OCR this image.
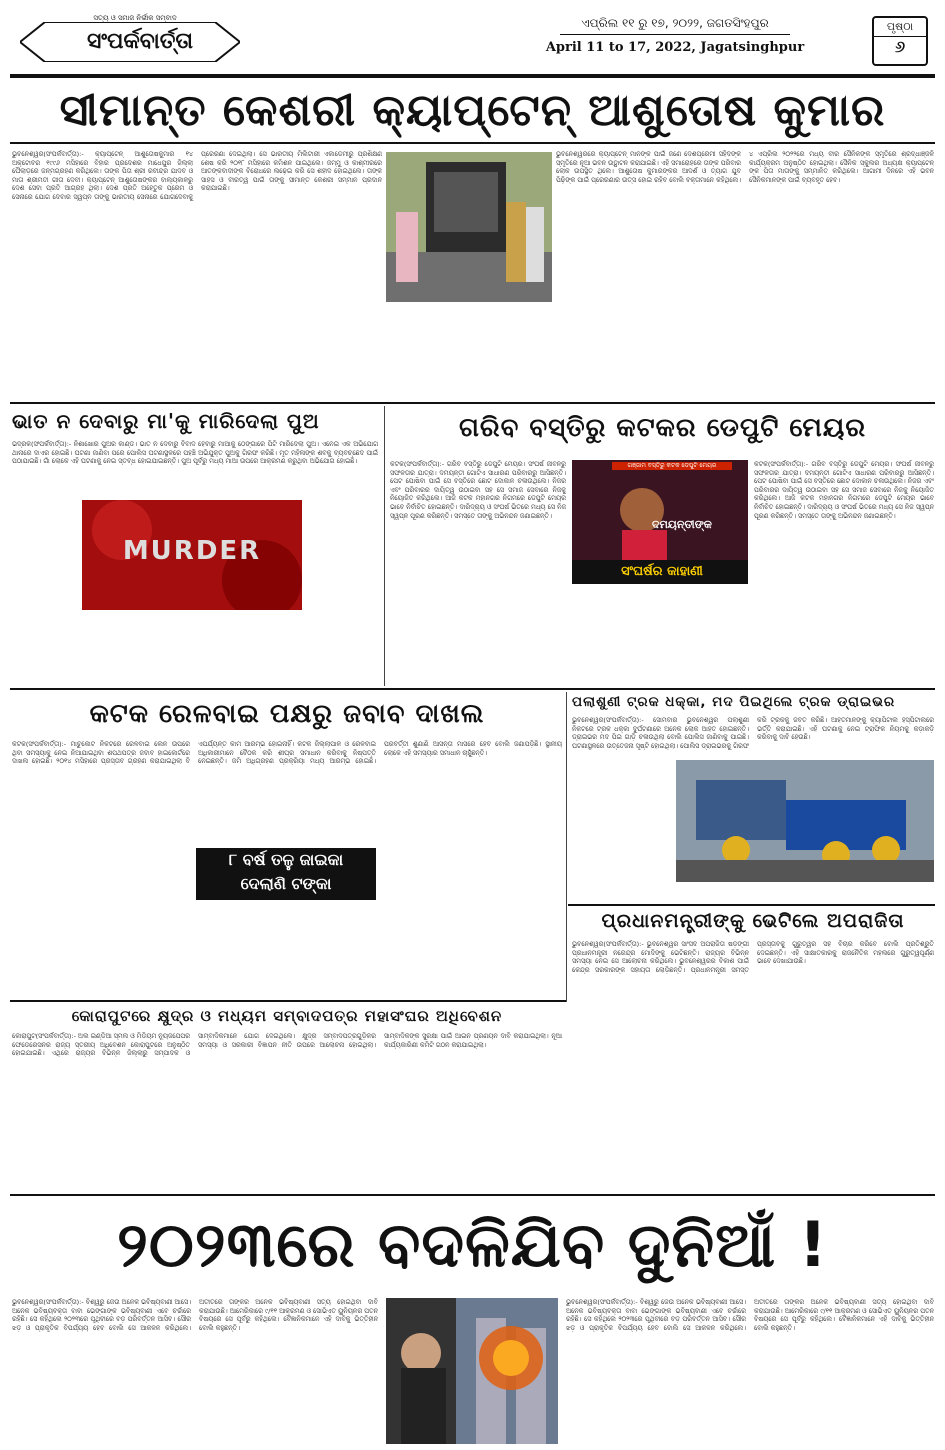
ସତ୍ୟ ଓ ସମାଜ ନିର୍ଭୀକ ସମ୍ବାଦ
ସଂପର୍କବାର୍ତ୍ତା
ଏପ୍ରିଲ ୧୧ ରୁ ୧୭, ୨୦୨୨, ଜଗତସିଂହପୁର
April 11 to 17, 2022, Jagatsinghpur
ପୃଷ୍ଠା
୬
ସୀମାନ୍ତ କେଶରୀ କ୍ୟାପ୍ଟେନ୍ ଆଶୁତୋଷ କୁମାର
ଭୁବନେଶ୍ୱର(ସଂପର୍କବାର୍ତ୍ତା):- କ୍ୟାପ୍ଟେନ୍ ଆଶୁତୋଷକୁମାର ୧୪ ଅକ୍ଟୋବର ୧୯୯୬ ମସିହାରେ ବିହାର ପ୍ରଦେଶର ମାଧେପୁର ଜିଲ୍ଲା ଘୈଲାଡ଼ରେ ଜନ୍ମଗ୍ରହଣ କରିଥିଲେ। ତାଙ୍କ ପିତା ଶ୍ରୀ ରବୀନ୍ଦ୍ର ଯାଦବ ଓ ମାତା ଶ୍ରୀମତୀ ଗୀତା ଦେବୀ। କ୍ୟାପ୍ଟେନ୍ ଆଶୁତୋଷଙ୍କର ବାଲ୍ୟକାଳରୁ ଦେଶ ସେବା ପ୍ରତି ଆଗ୍ରହ ଥିଲା। ଦେଶ ପ୍ରତି ଅହେତୁକ ପ୍ରେମ ଓ ସେନାରେ ଯୋଗ ଦେବାର ସ୍ୱପ୍ନ ତାଙ୍କୁ ଭାରତୀୟ ସେନାରେ ଯୋଗଦେବାକୁ ପ୍ରେରଣା ଦେଇଥିଲା। ସେ ଭାରତୀୟ ମିଲିଟାରୀ ଏକାଡେମୀରୁ ପ୍ରଶିକ୍ଷଣ ଶେଷ କରି ୨୦୧୮ ମସିହାରେ କମିଶନ ପାଇଥିଲେ। ଜମ୍ମୁ ଓ କାଶ୍ମୀରରେ ଆତଙ୍କବାଦୀଙ୍କ ବିରୋଧରେ ଲଢ଼େଇ କରି ସେ ଶହୀଦ ହୋଇଥିଲେ। ତାଙ୍କ ସାହସ ଓ ବୀରତ୍ୱ ପାଇଁ ତାଙ୍କୁ ସୀମାନ୍ତ କେଶରୀ ସମ୍ମାନ ପ୍ରଦାନ କରାଯାଇଛି।
ଭୁବନେଶ୍ୱରରେ କ୍ୟାପ୍ଟେନ୍ ମାନଙ୍କ ପାଇଁ ଜଣେ ଦେଶପ୍ରେମୀ ସହିଦଙ୍କ ସ୍ମୃତିରେ ନୂଆ ଭବନ ଉଦ୍ଘାଟନ କରାଯାଇଛି। ଏହି ସମାରୋହରେ ତାଙ୍କ ପରିବାର ଲୋକ ଉପସ୍ଥିତ ଥିଲେ। ଆଶୁତୋଷ କୁମାରଙ୍କର ଆଦର୍ଶ ଓ ତ୍ୟାଗ ଯୁବ ପିଢ଼ିଙ୍କ ପାଇଁ ପ୍ରେରଣାର ଉତ୍ସ ହୋଇ ରହିବ ବୋଲି ବକ୍ତାମାନେ କହିଥିଲେ। ୪ ଏପ୍ରିଲ ୨୦୨୨ରେ ମଧ୍ୟ ବୀର ସୈନିକଙ୍କ ସ୍ମୃତିରେ ଶ୍ରଦ୍ଧାଞ୍ଜଳି କାର୍ଯ୍ୟକ୍ରମ ଅନୁଷ୍ଠିତ ହୋଇଥିଲା। ସୈନିକ ସ୍କୁଲର ଅଧ୍ୟକ୍ଷ କ୍ୟାପ୍ଟେନ୍ ଙ୍କ ପିତା ମାତାଙ୍କୁ ସମ୍ମାନିତ କରିଥିଲେ। ଆଗାମୀ ଦିନରେ ଏହି ଭବନ ସୈନିକମାନଙ୍କ ପାଇଁ ବ୍ୟବହୃତ ହେବ।
ଭାତ ନ ଦେବାରୁ ମା'କୁ ମାରିଦେଲା ପୁଅ
ଭଦ୍ରକ(ସଂପର୍କବାର୍ତ୍ତା):- ନିଶାଖୋର ପୁଅର କାଣ୍ଡ। ଭାତ ନ ଦେବାରୁ ବିବାଦ ହେବାରୁ ମାଆକୁ ଠେଙ୍ଗାରେ ପିଟି ମାରିଦେଲା ପୁଅ। ଏନେଇ ଏକ ଅଭିଯୋଗ ଥାନାରେ ଦାଏର ହୋଇଛି। ଘଟଣା ଜାଣିବା ପରେ ପୋଲିସ ଘଟଣାସ୍ଥଳରେ ପହଞ୍ଚି ଅଭିଯୁକ୍ତ ପୁଅକୁ ଗିରଫ କରିଛି। ମୃତ ମହିଳାଙ୍କ ଶବକୁ ବ୍ୟବଚ୍ଛେଦ ପାଇଁ ପଠାଯାଇଛି। ଗାଁ ଲୋକେ ଏହି ଘଟଣାକୁ ନେଇ ସ୍ତବ୍ଧ ହୋଇଯାଇଛନ୍ତି। ପୁଅ ପୂର୍ବରୁ ମଧ୍ୟ ମାଆ ଉପରେ ଆକ୍ରମଣ କରୁଥିବା ଅଭିଯୋଗ ହୋଇଛି।
MURDER
ଗରିବ ବସ୍ତିରୁ କଟକର ଡେପୁଟି ମେୟର
କଟକ(ସଂପର୍କବାର୍ତ୍ତା):- ଗରିବ ବସ୍ତିରୁ ଡେପୁଟି ମେୟର। ସଂଘର୍ଷ ଜୀବନରୁ ସଫଳତାର ଯାତ୍ରା। ଦମୟନ୍ତୀ ଗୋଟିଏ ସାଧାରଣ ପରିବାରରୁ ଆସିଛନ୍ତି। ପେଟ ପୋଷିବା ପାଇଁ ସେ ବସ୍ତିରେ ଛୋଟ ଦୋକାନ ଚଳାଉଥିଲେ। ନିଜର ଏବଂ ପରିବାରର ଦାୟିତ୍ୱ ଉଠାଇବା ସହ ସେ ସମାଜ ସେବାରେ ନିଜକୁ ନିୟୋଜିତ କରିଥିଲେ। ଆଜି କଟକ ମହାନଗର ନିଗମରେ ଡେପୁଟି ମେୟର ଭାବେ ନିର୍ବାଚିତ ହୋଇଛନ୍ତି। ଦାରିଦ୍ର୍ୟ ଓ ସଂଘର୍ଷ ଭିତରେ ମଧ୍ୟ ସେ ନିଜ ସ୍ୱପ୍ନ ପୂରଣ କରିଛନ୍ତି। ସମସ୍ତେ ତାଙ୍କୁ ଅଭିନନ୍ଦନ ଜଣାଇଛନ୍ତି।
ଗଞ୍ଜାମ ବସ୍ତିରୁ କଟକ ଡେପୁଟି ମେୟର
ଦମୟନ୍ତୀଙ୍କ
ସଂଘର୍ଷର କାହାଣୀ
କଟକ(ସଂପର୍କବାର୍ତ୍ତା):- ଗରିବ ବସ୍ତିରୁ ଡେପୁଟି ମେୟର। ସଂଘର୍ଷ ଜୀବନରୁ ସଫଳତାର ଯାତ୍ରା। ଦମୟନ୍ତୀ ଗୋଟିଏ ସାଧାରଣ ପରିବାରରୁ ଆସିଛନ୍ତି। ପେଟ ପୋଷିବା ପାଇଁ ସେ ବସ୍ତିରେ ଛୋଟ ଦୋକାନ ଚଳାଉଥିଲେ। ନିଜର ଏବଂ ପରିବାରର ଦାୟିତ୍ୱ ଉଠାଇବା ସହ ସେ ସମାଜ ସେବାରେ ନିଜକୁ ନିୟୋଜିତ କରିଥିଲେ। ଆଜି କଟକ ମହାନଗର ନିଗମରେ ଡେପୁଟି ମେୟର ଭାବେ ନିର୍ବାଚିତ ହୋଇଛନ୍ତି। ଦାରିଦ୍ର୍ୟ ଓ ସଂଘର୍ଷ ଭିତରେ ମଧ୍ୟ ସେ ନିଜ ସ୍ୱପ୍ନ ପୂରଣ କରିଛନ୍ତି। ସମସ୍ତେ ତାଙ୍କୁ ଅଭିନନ୍ଦନ ଜଣାଇଛନ୍ତି।
କଟକ ରେଳବାଇ ପକ୍ଷରୁ ଜବାବ ଦାଖଲ
କଟକ(ସଂପର୍କବାର୍ତ୍ତା):- ମାଚୁକୋଟ ନିକଟରେ ରେଳବାଇ ଲେନ ଉପରେ ଥିବା ସମସ୍ୟାକୁ ନେଇ ନିଆଯାଇଥିବା ଶପଥପତ୍ର ଜବାବ ହାଇକୋର୍ଟରେ ଦାଖଲ ହୋଇଛି। ୨୦୧୪ ମସିହାରେ ପ୍ରସ୍ତାବ ଗ୍ରହଣ କରାଯାଇଥିଲା ବି ଏପର୍ଯ୍ୟନ୍ତ କାମ ଆରମ୍ଭ ହୋଇନାହିଁ। କଟକ ଜିଲ୍ଲାପାଳ ଓ ରେଳବାଇ ଅଧିକାରୀମାନେ ବୈଠକ କରି ଶୀଘ୍ର ସମାଧାନ କରିବାକୁ ନିଷ୍ପତ୍ତି ନେଇଛନ୍ତି। ଜମି ଅଧିଗ୍ରହଣ ପ୍ରକ୍ରିୟା ମଧ୍ୟ ଆରମ୍ଭ ହୋଇଛି। ପରବର୍ତ୍ତୀ ଶୁଣାଣି ଆସନ୍ତା ମାସରେ ହେବ ବୋଲି ଜଣାପଡ଼ିଛି। ସ୍ଥାନୀୟ ଲୋକେ ଏହି ସମସ୍ୟାର ସମାଧାନ ଚାହୁଁଛନ୍ତି।
୮ ବର୍ଷ ତଳୁ ଜାଇକା
ଦେଲାଣି ଟଙ୍କା
ପଲାଶୁଣୀ ଟ୍ରକ ଧକ୍କା, ମଦ ପିଇଥିଲେ ଟ୍ରକ ଡ୍ରାଇଭର
ଭୁବନେଶ୍ୱର(ସଂପର୍କବାର୍ତ୍ତା):- ସୋମବାର ଭୁବନେଶ୍ୱର ପଲାଶୁଣୀ ନିକଟରେ ଟ୍ରକ ଧକ୍କା ଦୁର୍ଘଟଣାରେ ଅନେକ ଲୋକ ଆହତ ହୋଇଛନ୍ତି। ଡ୍ରାଇଭର ମଦ ପିଇ ଗାଡ଼ି ଚଳାଉଥିଲା ବୋଲି ପୋଲିସ ଜାଣିବାକୁ ପାଇଛି। ଘଟଣାସ୍ଥଳରେ ଉତ୍ତେଜନା ସୃଷ୍ଟି ହୋଇଥିଲା। ପୋଲିସ ଡ୍ରାଇଭରକୁ ଗିରଫ କରି ଟ୍ରକକୁ ଜବତ କରିଛି। ଆହତମାନଙ୍କୁ କ୍ୟାପିଟାଲ ହସ୍ପିଟାଲରେ ଭର୍ତ୍ତି କରାଯାଇଛି। ଏହି ଘଟଣାକୁ ନେଇ ଟ୍ରାଫିକ ନିୟମକୁ କଡ଼ାକଡ଼ି କରିବାକୁ ଦାବି ହେଉଛି।
ପ୍ରଧାନମନ୍ତ୍ରୀଙ୍କୁ ଭେଟିଲେ ଅପରାଜିତା
ଭୁବନେଶ୍ୱର(ସଂପର୍କବାର୍ତ୍ତା):- ଭୁବନେଶ୍ୱର ସାଂସଦ ଅପରାଜିତା ଷଡ଼ଙ୍ଗୀ ପ୍ରଧାନମନ୍ତ୍ରୀ ନରେନ୍ଦ୍ର ମୋଦିଙ୍କୁ ଭେଟିଛନ୍ତି। ରାଜ୍ୟର ବିଭିନ୍ନ ସମସ୍ୟା ନେଇ ସେ ଆଲୋଚନା କରିଥିଲେ। ଭୁବନେଶ୍ୱରର ବିକାଶ ପାଇଁ କେନ୍ଦ୍ର ସରକାରଙ୍କ ସହାୟତା ଲୋଡ଼ିଛନ୍ତି। ପ୍ରଧାନମନ୍ତ୍ରୀ ସମସ୍ତ ପ୍ରସ୍ତାବକୁ ଗୁରୁତ୍ୱର ସହ ବିଚାର କରିବେ ବୋଲି ପ୍ରତିଶ୍ରୁତି ଦେଇଛନ୍ତି। ଏହି ସାକ୍ଷାତକାରକୁ ରାଜନୈତିକ ମହଲରେ ଗୁରୁତ୍ୱପୂର୍ଣ୍ଣ ଭାବେ ଦେଖାଯାଉଛି।
କୋରାପୁଟରେ କ୍ଷୁଦ୍ର ଓ ମଧ୍ୟମ ସମ୍ବାଦପତ୍ର ମହାସଂଘର ଅଧିବେଶନ
କୋରାପୁଟ(ସଂପର୍କବାର୍ତ୍ତା):- ଅଲ ଇଣ୍ଡିଆ ସ୍ମଲ ଓ ମିଡିୟମ ନ୍ୟୁଜପେପର ଫେଡେରେସନର ରାଜ୍ୟ ସ୍ତରୀୟ ଅଧିବେଶନ କୋରାପୁଟରେ ଅନୁଷ୍ଠିତ ହୋଇଯାଇଛି। ଏଥିରେ ରାଜ୍ୟର ବିଭିନ୍ନ ଜିଲ୍ଲାରୁ ସମ୍ପାଦକ ଓ ସାମ୍ବାଦିକମାନେ ଯୋଗ ଦେଇଥିଲେ। କ୍ଷୁଦ୍ର ସମ୍ବାଦପତ୍ରଗୁଡ଼ିକର ସମସ୍ୟା ଓ ସରକାରୀ ବିଜ୍ଞାପନ ନୀତି ଉପରେ ଆଲୋଚନା ହୋଇଥିଲା। ସାମ୍ବାଦିକଙ୍କ ସୁରକ୍ଷା ପାଇଁ ଆଇନ ପ୍ରଣୟନ ଦାବି କରାଯାଇଥିଲା। ନୂଆ କାର୍ଯ୍ୟକାରିଣୀ କମିଟି ଗଠନ କରାଯାଇଥିଲା।
୨୦୨୩ରେ ବଦଳିଯିବ ଦୁନିଆଁ !
ଭୁବନେଶ୍ୱର(ସଂପର୍କବାର୍ତ୍ତା):- ବିଶ୍ୱରୁ ଜେଉ ଅନେକ ଭବିଷ୍ୟବାଣୀ ଆସେ। ଅନେକ ଭବିଷ୍ୟବକ୍ତା ବାବା ଭେଙ୍ଗାଙ୍କ ଭବିଷ୍ୟବାଣୀ ଏବେ ଚର୍ଚ୍ଚାରେ ରହିଛି। ସେ କହିଥିଲେ ୨୦୨୩ରେ ପୃଥିବୀରେ ବଡ଼ ପରିବର୍ତ୍ତନ ଆସିବ। ସୌର ଝଡ଼ ଓ ପ୍ରାକୃତିକ ବିପର୍ଯ୍ୟୟ ହେବ ବୋଲି ସେ ଆକଳନ କରିଥିଲେ। ଅତୀତରେ ତାଙ୍କର ଅନେକ ଭବିଷ୍ୟବାଣୀ ସତ୍ୟ ହୋଇଥିବା ଦାବି କରାଯାଉଛି। ଆମେରିକାରେ ୯/୧୧ ଆକ୍ରମଣ ଓ ସୋଭିଏତ ୟୁନିୟନର ପତନ ବିଷୟରେ ସେ ପୂର୍ବରୁ କହିଥିଲେ। ବୈଜ୍ଞାନିକମାନେ ଏହି ଦାବିକୁ ଭିତ୍ତିହୀନ ବୋଲି କହୁଛନ୍ତି।
ଭୁବନେଶ୍ୱର(ସଂପର୍କବାର୍ତ୍ତା):- ବିଶ୍ୱରୁ ଜେଉ ଅନେକ ଭବିଷ୍ୟବାଣୀ ଆସେ। ଅନେକ ଭବିଷ୍ୟବକ୍ତା ବାବା ଭେଙ୍ଗାଙ୍କ ଭବିଷ୍ୟବାଣୀ ଏବେ ଚର୍ଚ୍ଚାରେ ରହିଛି। ସେ କହିଥିଲେ ୨୦୨୩ରେ ପୃଥିବୀରେ ବଡ଼ ପରିବର୍ତ୍ତନ ଆସିବ। ସୌର ଝଡ଼ ଓ ପ୍ରାକୃତିକ ବିପର୍ଯ୍ୟୟ ହେବ ବୋଲି ସେ ଆକଳନ କରିଥିଲେ। ଅତୀତରେ ତାଙ୍କର ଅନେକ ଭବିଷ୍ୟବାଣୀ ସତ୍ୟ ହୋଇଥିବା ଦାବି କରାଯାଉଛି। ଆମେରିକାରେ ୯/୧୧ ଆକ୍ରମଣ ଓ ସୋଭିଏତ ୟୁନିୟନର ପତନ ବିଷୟରେ ସେ ପୂର୍ବରୁ କହିଥିଲେ। ବୈଜ୍ଞାନିକମାନେ ଏହି ଦାବିକୁ ଭିତ୍ତିହୀନ ବୋଲି କହୁଛନ୍ତି।
